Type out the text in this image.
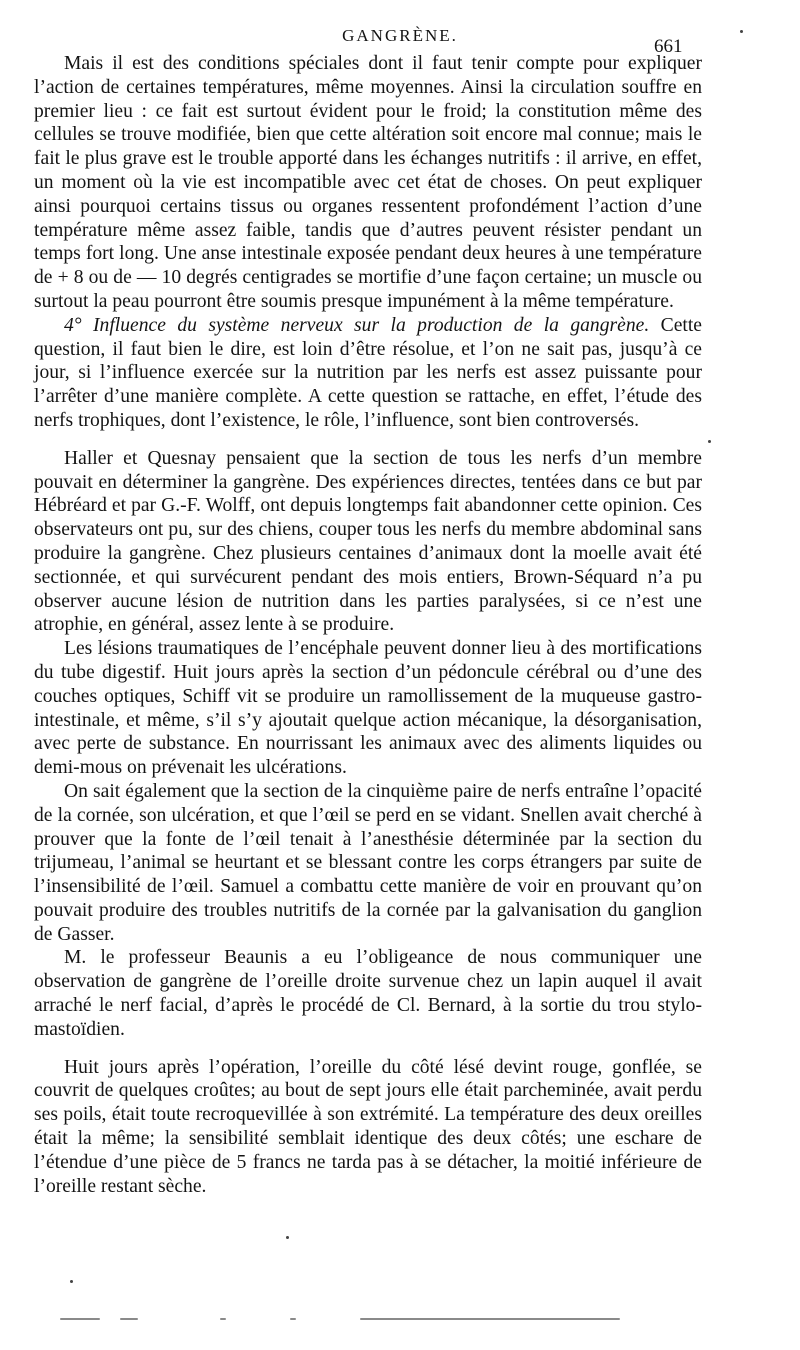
GANGRÈNE.
661

Mais il est des conditions spéciales dont il faut tenir compte pour expliquer l’action de certaines températures, même moyennes. Ainsi la circulation souffre en premier lieu : ce fait est surtout évident pour le froid; la constitution même des cellules se trouve modifiée, bien que cette altération soit encore mal connue; mais le fait le plus grave est le trouble apporté dans les échanges nutritifs : il arrive, en effet, un moment où la vie est incompatible avec cet état de choses. On peut expliquer ainsi pourquoi certains tissus ou organes ressentent profondément l’action d’une température même assez faible, tandis que d’autres peuvent résister pendant un temps fort long. Une anse intestinale exposée pendant deux heures à une température de + 8 ou de — 10 degrés centigrades se mortifie d’une façon certaine; un muscle ou surtout la peau pourront être soumis presque impunément à la même température.

4° Influence du système nerveux sur la production de la gangrène. Cette question, il faut bien le dire, est loin d’être résolue, et l’on ne sait pas, jusqu’à ce jour, si l’influence exercée sur la nutrition par les nerfs est assez puissante pour l’arrêter d’une manière complète. A cette question se rattache, en effet, l’étude des nerfs trophiques, dont l’existence, le rôle, l’influence, sont bien controversés.

Haller et Quesnay pensaient que la section de tous les nerfs d’un membre pouvait en déterminer la gangrène. Des expériences directes, tentées dans ce but par Hébréard et par G.-F. Wolff, ont depuis longtemps fait abandonner cette opinion. Ces observateurs ont pu, sur des chiens, couper tous les nerfs du membre abdominal sans produire la gangrène. Chez plusieurs centaines d’animaux dont la moelle avait été sectionnée, et qui survécurent pendant des mois entiers, Brown-Séquard n’a pu observer aucune lésion de nutrition dans les parties paralysées, si ce n’est une atrophie, en général, assez lente à se produire.

Les lésions traumatiques de l’encéphale peuvent donner lieu à des mortifications du tube digestif. Huit jours après la section d’un pédoncule cérébral ou d’une des couches optiques, Schiff vit se produire un ramollissement de la muqueuse gastro-intestinale, et même, s’il s’y ajoutait quelque action mécanique, la désorganisation, avec perte de substance. En nourrissant les animaux avec des aliments liquides ou demi-mous on prévenait les ulcérations.

On sait également que la section de la cinquième paire de nerfs entraîne l’opacité de la cornée, son ulcération, et que l’œil se perd en se vidant. Snellen avait cherché à prouver que la fonte de l’œil tenait à l’anesthésie déterminée par la section du trijumeau, l’animal se heurtant et se blessant contre les corps étrangers par suite de l’insensibilité de l’œil. Samuel a combattu cette manière de voir en prouvant qu’on pouvait produire des troubles nutritifs de la cornée par la galvanisation du ganglion de Gasser.

M. le professeur Beaunis a eu l’obligeance de nous communiquer une observation de gangrène de l’oreille droite survenue chez un lapin auquel il avait arraché le nerf facial, d’après le procédé de Cl. Bernard, à la sortie du trou stylo-mastoïdien.

Huit jours après l’opération, l’oreille du côté lésé devint rouge, gonflée, se couvrit de quelques croûtes; au bout de sept jours elle était parcheminée, avait perdu ses poils, était toute recroquevillée à son extrémité. La température des deux oreilles était la même; la sensibilité semblait identique des deux côtés; une eschare de l’étendue d’une pièce de 5 francs ne tarda pas à se détacher, la moitié inférieure de l’oreille restant sèche.
